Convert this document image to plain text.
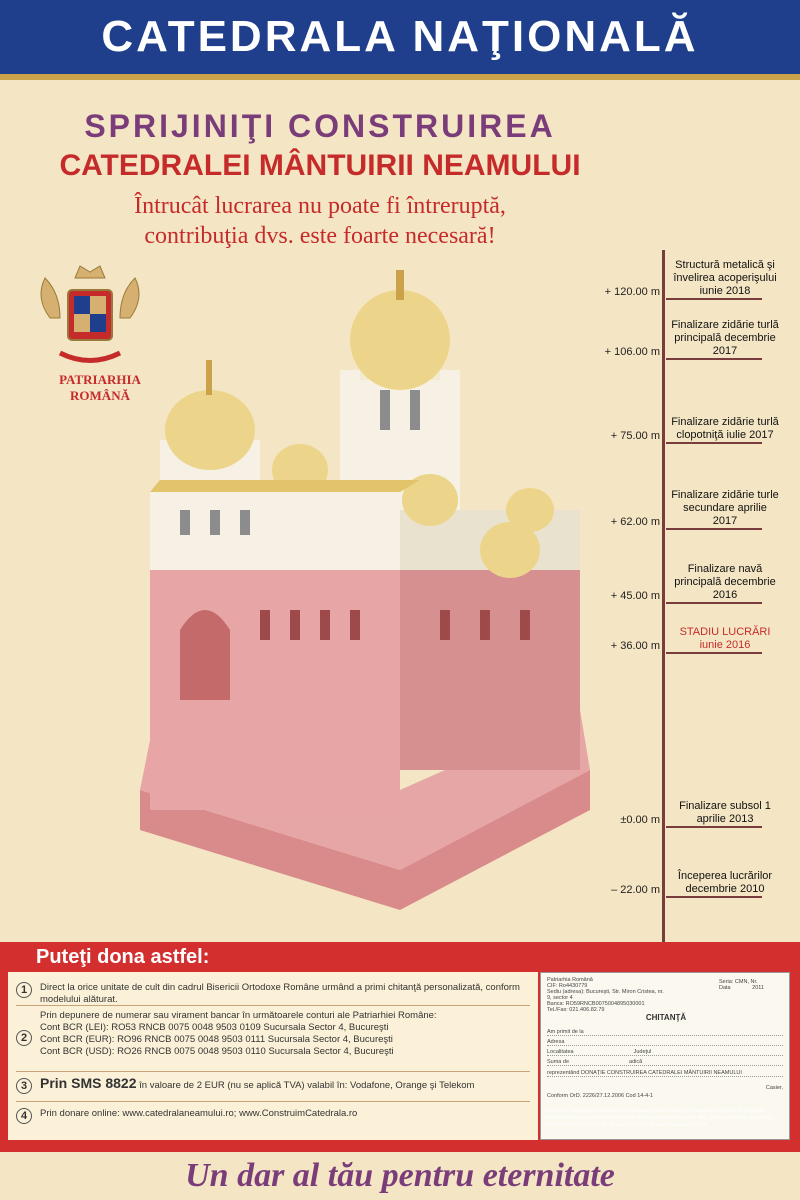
CATEDRALA NAŢIONALĂ
SPRIJINIŢI CONSTRUIREA
CATEDRALEI MÂNTUIRII NEAMULUI
Întrucât lucrarea nu poate fi întreruptă,
contribuţia dvs. este foarte necesară!
PATRIARHIA ROMÂNĂ
+ 120.00 m
Structură metalică şi învelirea acoperişului iunie 2018
+ 106.00 m
Finalizare zidărie turlă principală decembrie 2017
+ 75.00 m
Finalizare zidărie turlă clopotniţă iulie 2017
+ 62.00 m
Finalizare zidărie turle secundare aprilie 2017
+ 45.00 m
Finalizare navă principală decembrie 2016
+ 36.00 m
STADIU LUCRĂRI iunie 2016
±0.00 m
Finalizare subsol 1 aprilie 2013
– 22.00 m
Începerea lucrărilor decembrie 2010
Puteţi dona astfel:
1	Direct la orice unitate de cult din cadrul Bisericii Ortodoxe Române urmând a primi chitanţă personalizată, conform modelului alăturat.
2
Prin depunere de numerar sau virament bancar în următoarele conturi ale Patriarhiei Române:
Cont BCR (LEI): RO53 RNCB 0075 0048 9503 0109 Sucursala Sector 4, Bucureşti
Cont BCR (EUR): RO96 RNCB 0075 0048 9503 0111 Sucursala Sector 4, Bucureşti
Cont BCR (USD): RO26 RNCB 0075 0048 9503 0110 Sucursala Sector 4, Bucureşti
3 Prin SMS 8822 în valoare de 2 EUR (nu se aplică TVA) valabil în: Vodafone, Orange şi Telekom
4	Prin donare online: www.catedralaneamului.ro; www.ConstruimCatedrala.ro
Patriarhia Română
CIF: Ro4430779
Sediu (adresa): Bucureşti, Str. Miron Cristea, nr. 9, sector 4
Banca: RO59RNCB0075004895030001
Tel./Fax: 021.406.82.79
Seria: CMN, Nr.
Data	2011
CHITANŢĂ
Am primit de la
Adresa
Localitatea	Judeţul
Suma de	adică
reprezentând DONAŢIE CONSTRUIREA CATEDRALEI MÂNTUIRII NEAMULUI
Casier,
Conform OrD. 2226/27.12.2006 Cod 14-4-1
ATENŢIE! Patriarhia Română nu colectează fonduri pentru construirea Catedralei Mântuirii Neamului prin nicio altă metodă decât cele prezentate în acest afiş. Pentru întrebări şi sesizări folosiţi telefon 021.406.82.79 sau email info@catedralaneamului.ro
Un dar al tău pentru eternitate
